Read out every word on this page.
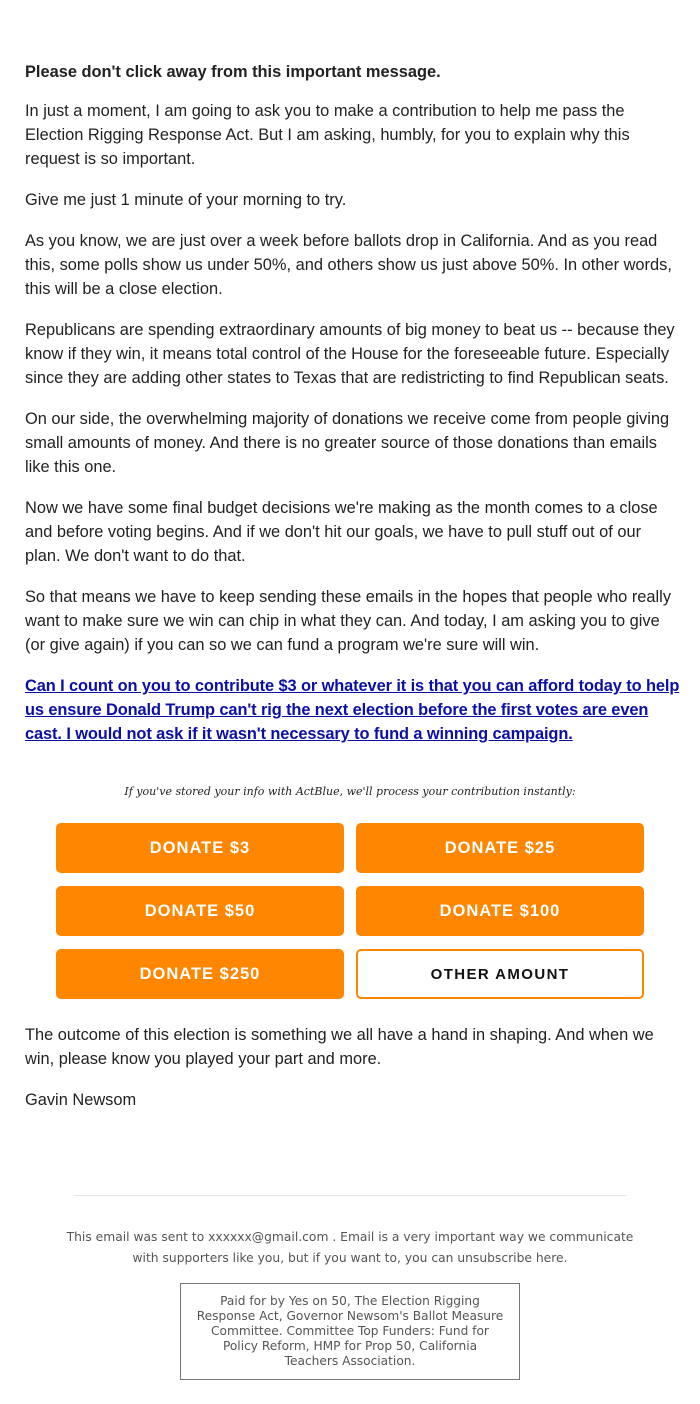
Please don't click away from this important message.

In just a moment, I am going to ask you to make a contribution to help me pass the Election Rigging Response Act. But I am asking, humbly, for you to explain why this request is so important.

Give me just 1 minute of your morning to try.

As you know, we are just over a week before ballots drop in California. And as you read this, some polls show us under 50%, and others show us just above 50%. In other words, this will be a close election.

Republicans are spending extraordinary amounts of big money to beat us -- because they know if they win, it means total control of the House for the foreseeable future. Especially since they are adding other states to Texas that are redistricting to find Republican seats.

On our side, the overwhelming majority of donations we receive come from people giving small amounts of money. And there is no greater source of those donations than emails like this one.

Now we have some final budget decisions we're making as the month comes to a close and before voting begins. And if we don't hit our goals, we have to pull stuff out of our plan. We don't want to do that.

So that means we have to keep sending these emails in the hopes that people who really want to make sure we win can chip in what they can. And today, I am asking you to give (or give again) if you can so we can fund a program we're sure will win.

Can I count on you to contribute $3 or whatever it is that you can afford today to help us ensure Donald Trump can't rig the next election before the first votes are even cast. I would not ask if it wasn't necessary to fund a winning campaign.
If you've stored your info with ActBlue, we'll process your contribution instantly:
DONATE $3	DONATE $25
DONATE $50	DONATE $100
DONATE $250	OTHER AMOUNT

The outcome of this election is something we all have a hand in shaping. And when we win, please know you played your part and more.

Gavin Newsom

This email was sent to xxxxxx@gmail.com . Email is a very important way we communicate with supporters like you, but if you want to, you can unsubscribe here.
Paid for by Yes on 50, The Election Rigging Response Act, Governor Newsom's Ballot Measure Committee. Committee Top Funders: Fund for Policy Reform, HMP for Prop 50, California Teachers Association.
